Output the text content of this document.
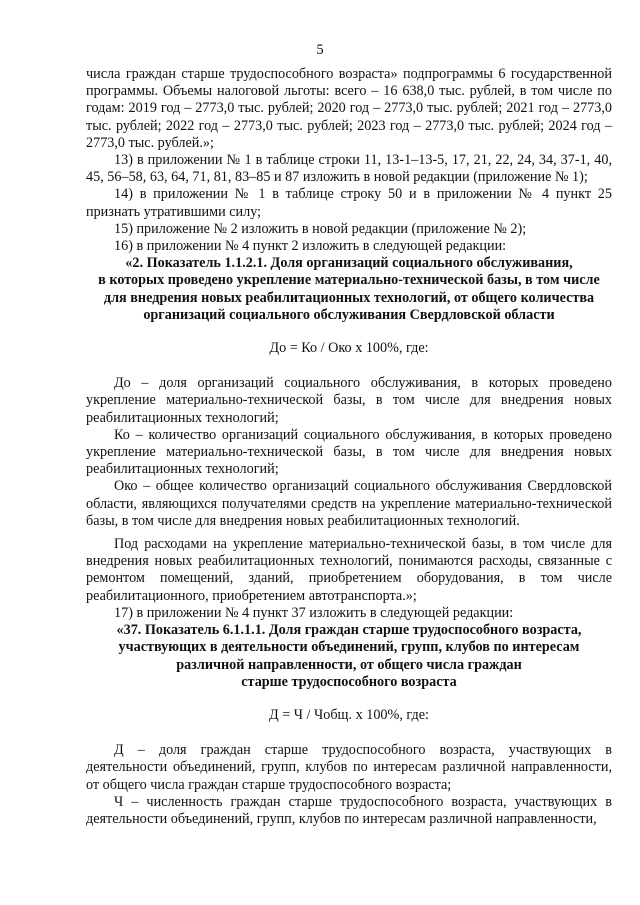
5

числа граждан старше трудоспособного возраста» подпрограммы 6 государственной программы. Объемы налоговой льготы: всего – 16 638,0 тыс. рублей, в том числе по годам: 2019 год – 2773,0 тыс. рублей; 2020 год – 2773,0 тыс. рублей; 2021 год – 2773,0 тыс. рублей; 2022 год – 2773,0 тыс. рублей; 2023 год – 2773,0 тыс. рублей; 2024 год – 2773,0 тыс. рублей.»;

13) в приложении № 1 в таблице строки 11, 13-1–13-5, 17, 21, 22, 24, 34, 37-1, 40, 45, 56–58, 63, 64, 71, 81, 83–85 и 87 изложить в новой редакции (приложение № 1);

14) в приложении № 1 в таблице строку 50 и в приложении № 4 пункт 25 признать утратившими силу;

15) приложение № 2 изложить в новой редакции (приложение № 2);

16) в приложении № 4 пункт 2 изложить в следующей редакции:

«2. Показатель 1.1.2.1. Доля организаций социального обслуживания,
в которых проведено укрепление материально-технической базы, в том числе
для внедрения новых реабилитационных технологий, от общего количества
организаций социального обслуживания Свердловской области

До = Ко / Око x 100%, где:

До – доля организаций социального обслуживания, в которых проведено укрепление материально-технической базы, в том числе для внедрения новых реабилитационных технологий;

Ко – количество организаций социального обслуживания, в которых проведено укрепление материально-технической базы, в том числе для внедрения новых реабилитационных технологий;

Око – общее количество организаций социального обслуживания Свердловской области, являющихся получателями средств на укрепление материально-технической базы, в том числе для внедрения новых реабилитационных технологий.

Под расходами на укрепление материально-технической базы, в том числе для внедрения новых реабилитационных технологий, понимаются расходы, связанные с ремонтом помещений, зданий, приобретением оборудования, в том числе реабилитационного, приобретением автотранспорта.»;

17) в приложении № 4 пункт 37 изложить в следующей редакции:

«37. Показатель 6.1.1.1. Доля граждан старше трудоспособного возраста,
участвующих в деятельности объединений, групп, клубов по интересам
различной направленности, от общего числа граждан
старше трудоспособного возраста

Д = Ч / Чобщ. x 100%, где:

Д – доля граждан старше трудоспособного возраста, участвующих в деятельности объединений, групп, клубов по интересам различной направленности, от общего числа граждан старше трудоспособного возраста;

Ч – численность граждан старше трудоспособного возраста, участвующих в деятельности объединений, групп, клубов по интересам различной направленности,
